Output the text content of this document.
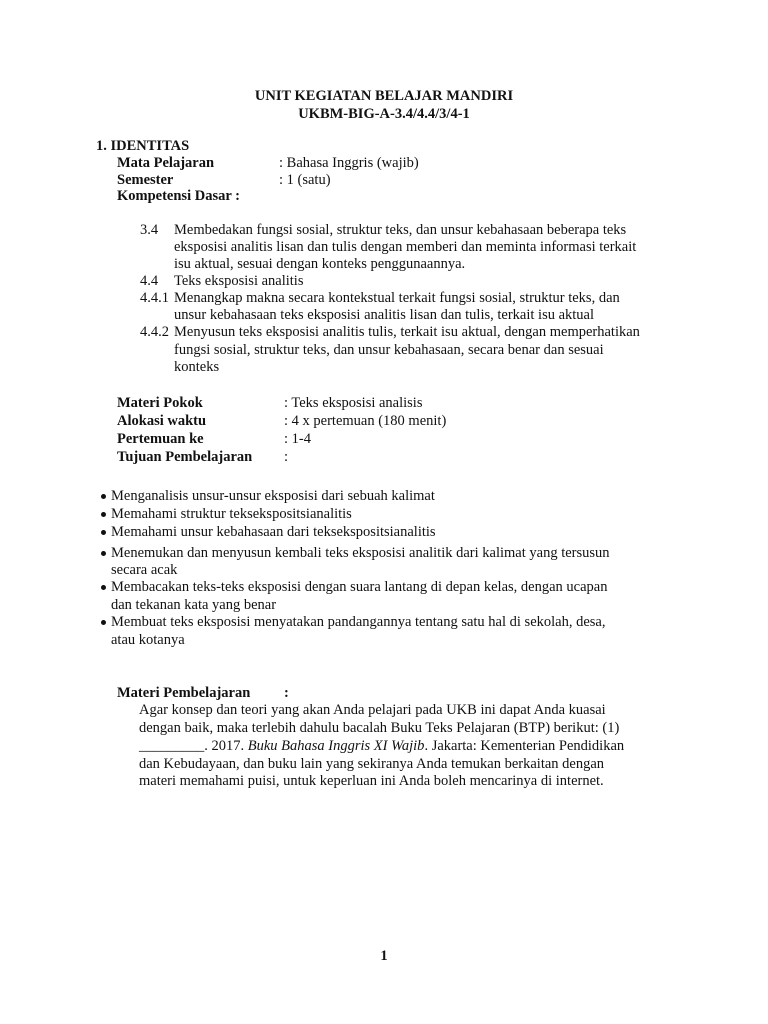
UNIT KEGIATAN BELAJAR MANDIRI
UKBM-BIG-A-3.4/4.4/3/4-1
1. IDENTITAS
Mata Pelajaran	: Bahasa Inggris (wajib)
Semester	: 1 (satu)
Kompetensi Dasar :
3.4 Membedakan fungsi sosial, struktur teks, dan unsur kebahasaan beberapa teks
eksposisi analitis lisan dan tulis dengan memberi dan meminta informasi terkait
isu aktual, sesuai dengan konteks penggunaannya.
4.4 Teks eksposisi analitis
4.4.1 Menangkap makna secara kontekstual terkait fungsi sosial, struktur teks, dan
unsur kebahasaan teks eksposisi analitis lisan dan tulis, terkait isu aktual
4.4.2 Menyusun teks eksposisi analitis tulis, terkait isu aktual, dengan memperhatikan
fungsi sosial, struktur teks, dan unsur kebahasaan, secara benar dan sesuai
konteks
Materi Pokok	: Teks eksposisi analisis
Alokasi waktu	: 4 x pertemuan (180 menit)
Pertemuan ke	: 1-4
Tujuan Pembelajaran :
Menganalisis unsur-unsur eksposisi dari sebuah kalimat
Memahami struktur teksekspositsianalitis
Memahami unsur kebahasaan dari teksekspositsianalitis
Menemukan dan menyusun kembali teks eksposisi analitik dari kalimat yang tersusun
secara acak
Membacakan teks-teks eksposisi dengan suara lantang di depan kelas, dengan ucapan
dan tekanan kata yang benar
Membuat teks eksposisi menyatakan pandangannya tentang satu hal di sekolah, desa,
atau kotanya
Materi Pembelajaran :
Agar konsep dan teori yang akan Anda pelajari pada UKB ini dapat Anda kuasai
dengan baik, maka terlebih dahulu bacalah Buku Teks Pelajaran (BTP) berikut: (1)
_________. 2017. Buku Bahasa Inggris XI Wajib. Jakarta: Kementerian Pendidikan
dan Kebudayaan, dan buku lain yang sekiranya Anda temukan berkaitan dengan
materi memahami puisi, untuk keperluan ini Anda boleh mencarinya di internet.
1
